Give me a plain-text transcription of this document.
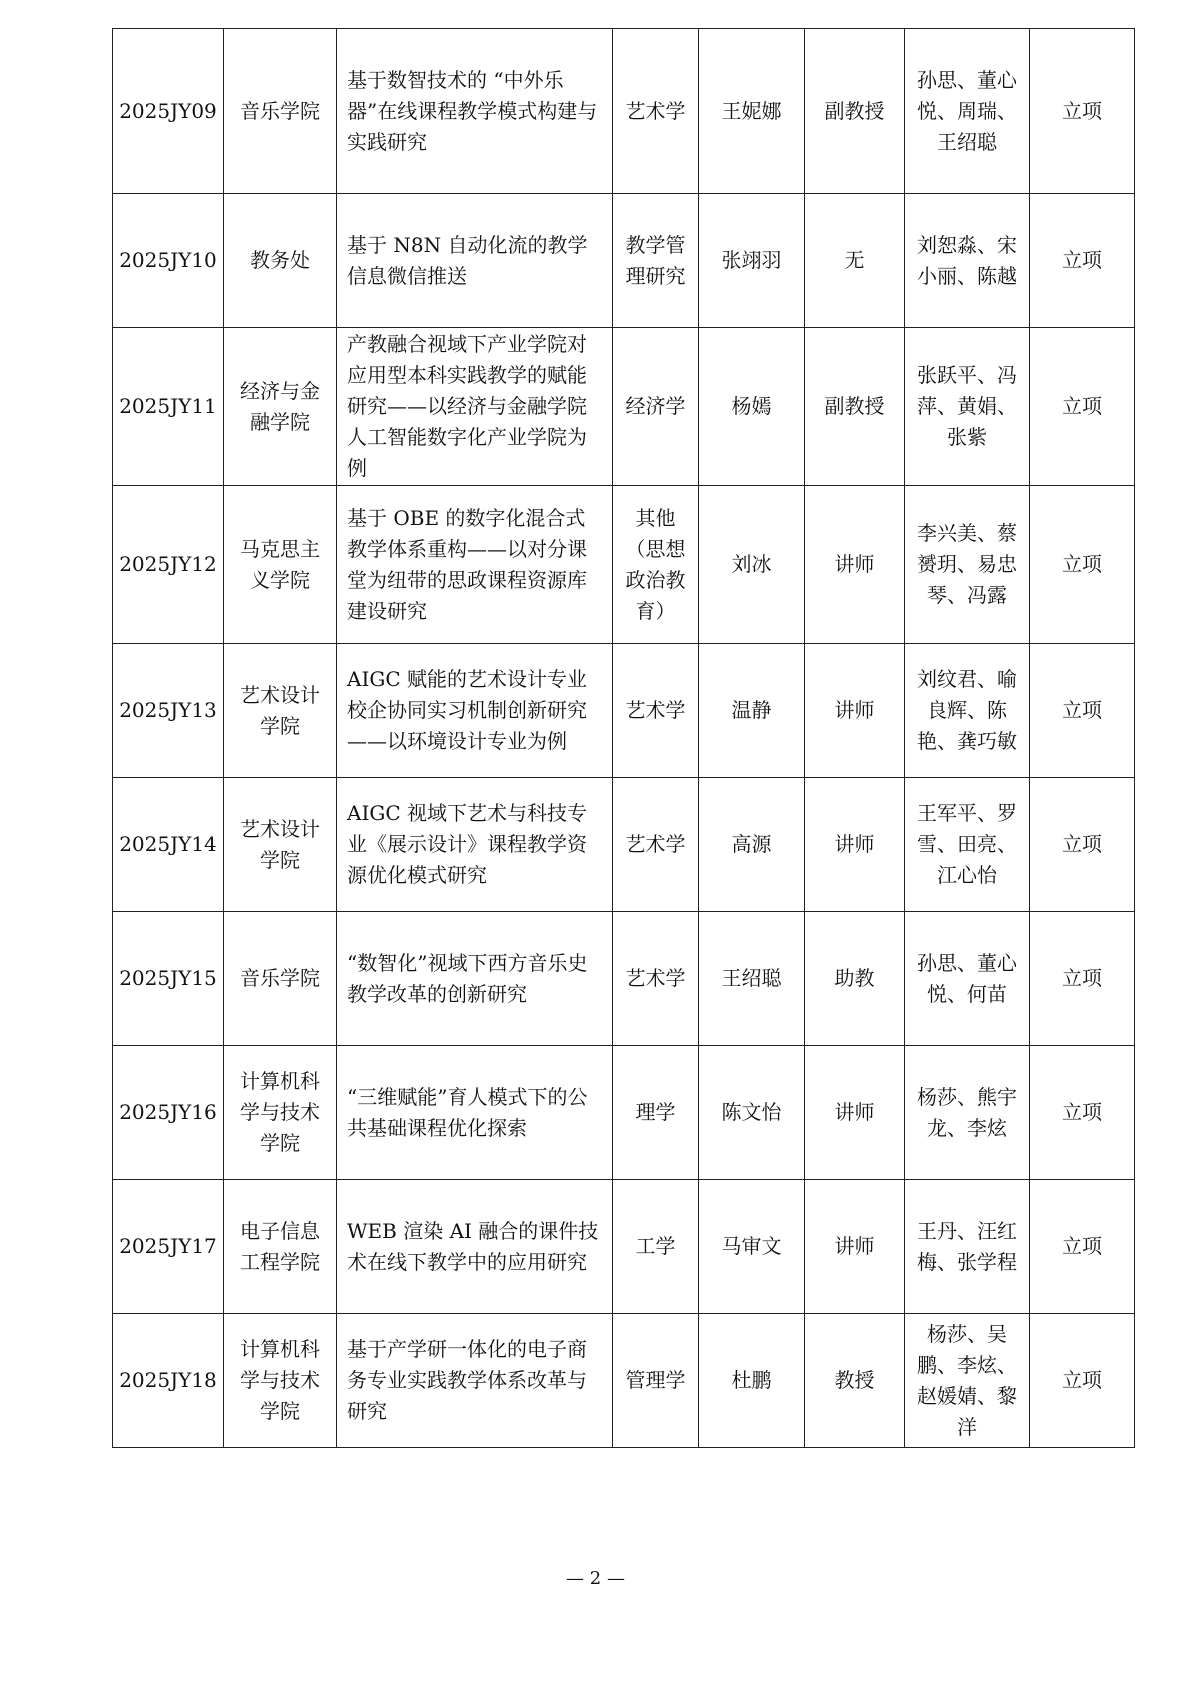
2025JY09	音乐学院	基于数智技术的 “中外乐器”在线课程教学模式构建与实践研究	艺术学	王妮娜	副教授	孙思、董心悦、周瑞、王绍聪	立项
2025JY10	教务处	基于 N8N 自动化流的教学信息微信推送	教学管理研究	张翊羽	无	刘恕淼、宋小丽、陈越	立项
2025JY11	经济与金融学院	产教融合视域下产业学院对应用型本科实践教学的赋能研究——以经济与金融学院人工智能数字化产业学院为例	经济学	杨嫣	副教授	张跃平、冯萍、黄娟、张紫	立项
2025JY12	马克思主义学院	基于 OBE 的数字化混合式教学体系重构——以对分课堂为纽带的思政课程资源库建设研究	其他（思想政治教育）	刘冰	讲师	李兴美、蔡赟玥、易忠琴、冯露	立项
2025JY13	艺术设计学院	AIGC 赋能的艺术设计专业校企协同实习机制创新研究——以环境设计专业为例	艺术学	温静	讲师	刘纹君、喻良辉、陈艳、龚巧敏	立项
2025JY14	艺术设计学院	AIGC 视域下艺术与科技专业《展示设计》课程教学资源优化模式研究	艺术学	高源	讲师	王军平、罗雪、田亮、江心怡	立项
2025JY15	音乐学院	“数智化”视域下西方音乐史教学改革的创新研究	艺术学	王绍聪	助教	孙思、董心悦、何苗	立项
2025JY16	计算机科学与技术学院	“三维赋能”育人模式下的公共基础课程优化探索	理学	陈文怡	讲师	杨莎、熊宇龙、李炫	立项
2025JY17	电子信息工程学院	WEB 渲染 AI 融合的课件技术在线下教学中的应用研究	工学	马审文	讲师	王丹、汪红梅、张学程	立项
2025JY18	计算机科学与技术学院	基于产学研一体化的电子商务专业实践教学体系改革与研究	管理学	杜鹏	教授	杨莎、吴鹏、李炫、赵媛婧、黎洋	立项
— 2 —
